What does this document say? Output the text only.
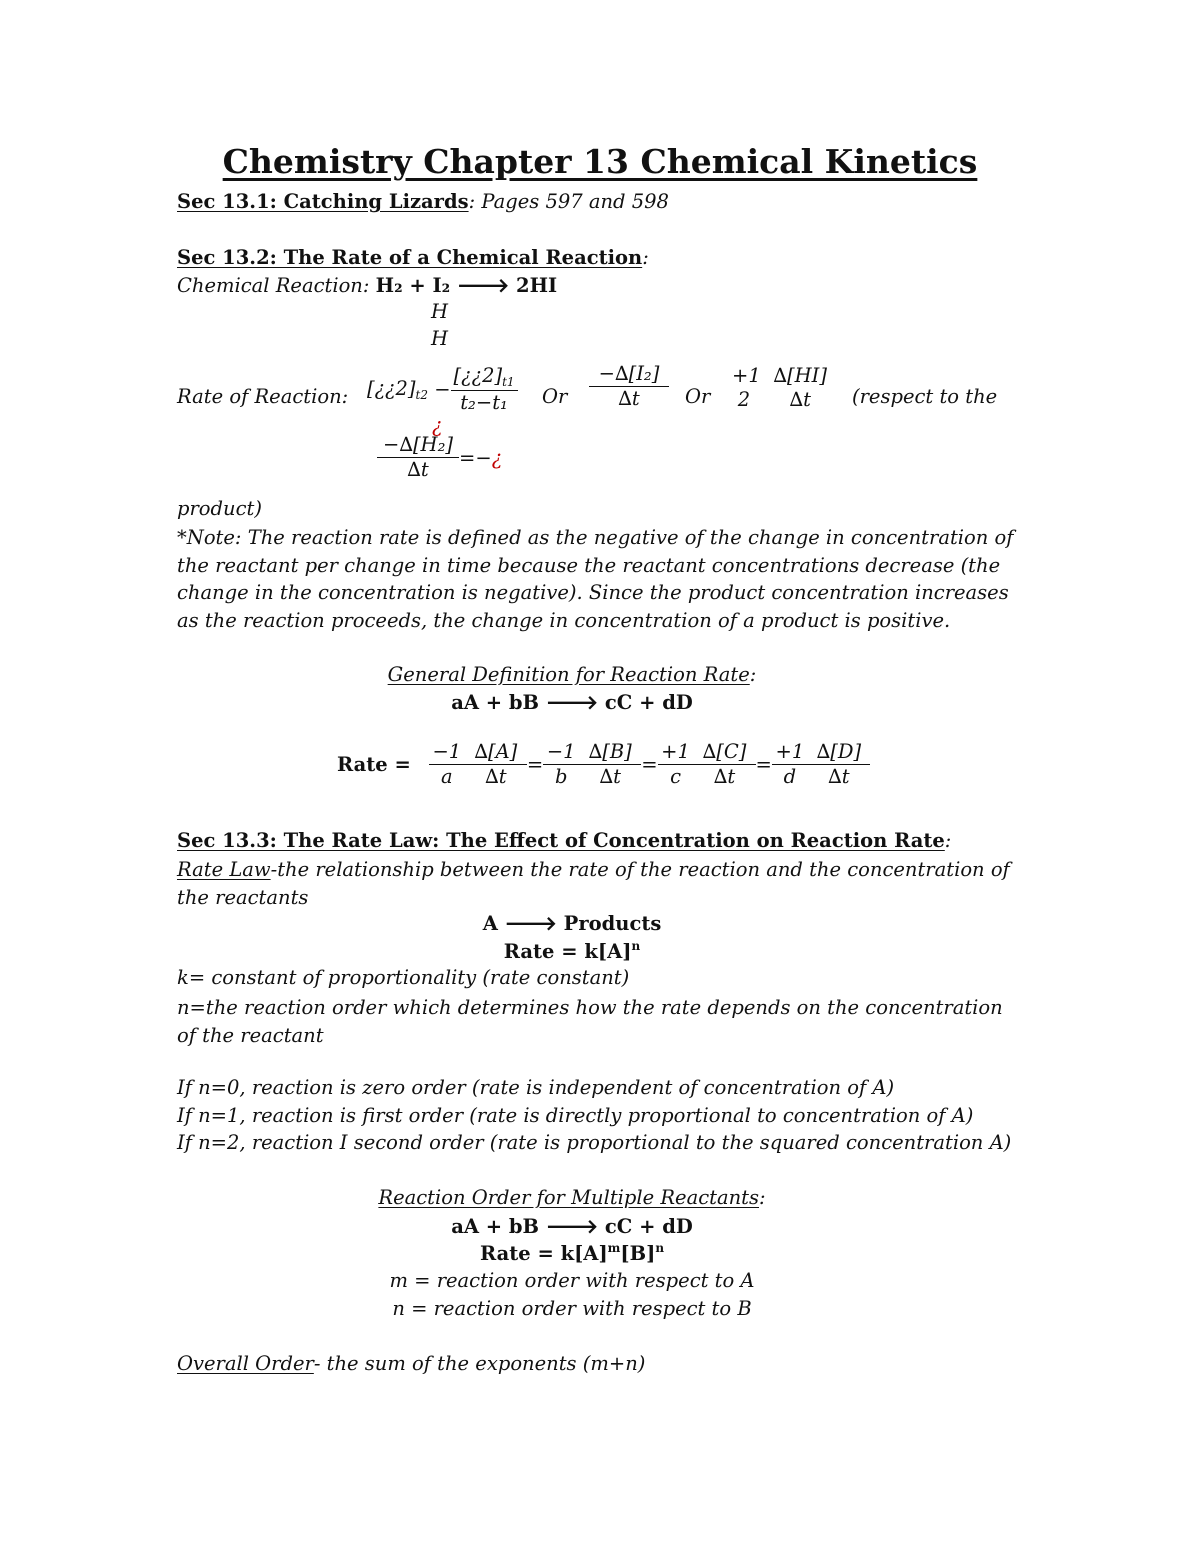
Chemistry Chapter 13 Chemical Kinetics
Sec 13.1: Catching Lizards: Pages 597 and 598
Sec 13.2: The Rate of a Chemical Reaction:
Chemical Reaction: H₂ + I₂ 🡒 2HI
H
H
Rate of Reaction: $[¿¿2]_{t2} - \frac{[¿¿2]_{t1}}{\text{t₂−t₁}}$
¿
Or $\frac{\text{−∆[I₂]}}{\Delta t}$ Or
+1
2

∆[HI]
∆t	(respect to the
$\frac{\text{−∆[H₂]}}{\Delta t}$ =−¿
product)
*Note: The reaction rate is defined as the negative of the change in concentration of the reactant per change in time because the reactant concentrations decrease (the change in the concentration is negative). Since the product concentration increases as the reaction proceeds, the change in concentration of a product is positive.
General Definition for Reaction Rate:
aA + bB 🡒 cC + dD
Rate = $\frac{-1}{a} \frac{\Delta[A]}{\Delta t} = \frac{-1}{b} \frac{\Delta[B]}{\Delta t} = \frac{+1}{c} \frac{\Delta[C]}{\Delta t} = \frac{+1}{d} \frac{\Delta[D]}{\Delta t}$
Sec 13.3: The Rate Law: The Effect of Concentration on Reaction Rate:
Rate Law-the relationship between the rate of the reaction and the concentration of the reactants
A 🡒 Products
Rate = $k[A]^n$
k= constant of proportionality (rate constant)
n=the reaction order which determines how the rate depends on the concentration of the reactant
If n=0, reaction is zero order (rate is independent of concentration of A)
If n=1, reaction is first order (rate is directly proportional to concentration of A)
If n=2, reaction I second order (rate is proportional to the squared concentration A)
Reaction Order for Multiple Reactants:
aA + bB 🡒 cC + dD
Rate = $k[A]^m[B]^n$
m = reaction order with respect to A
n = reaction order with respect to B
Overall Order- the sum of the exponents (m+n)
